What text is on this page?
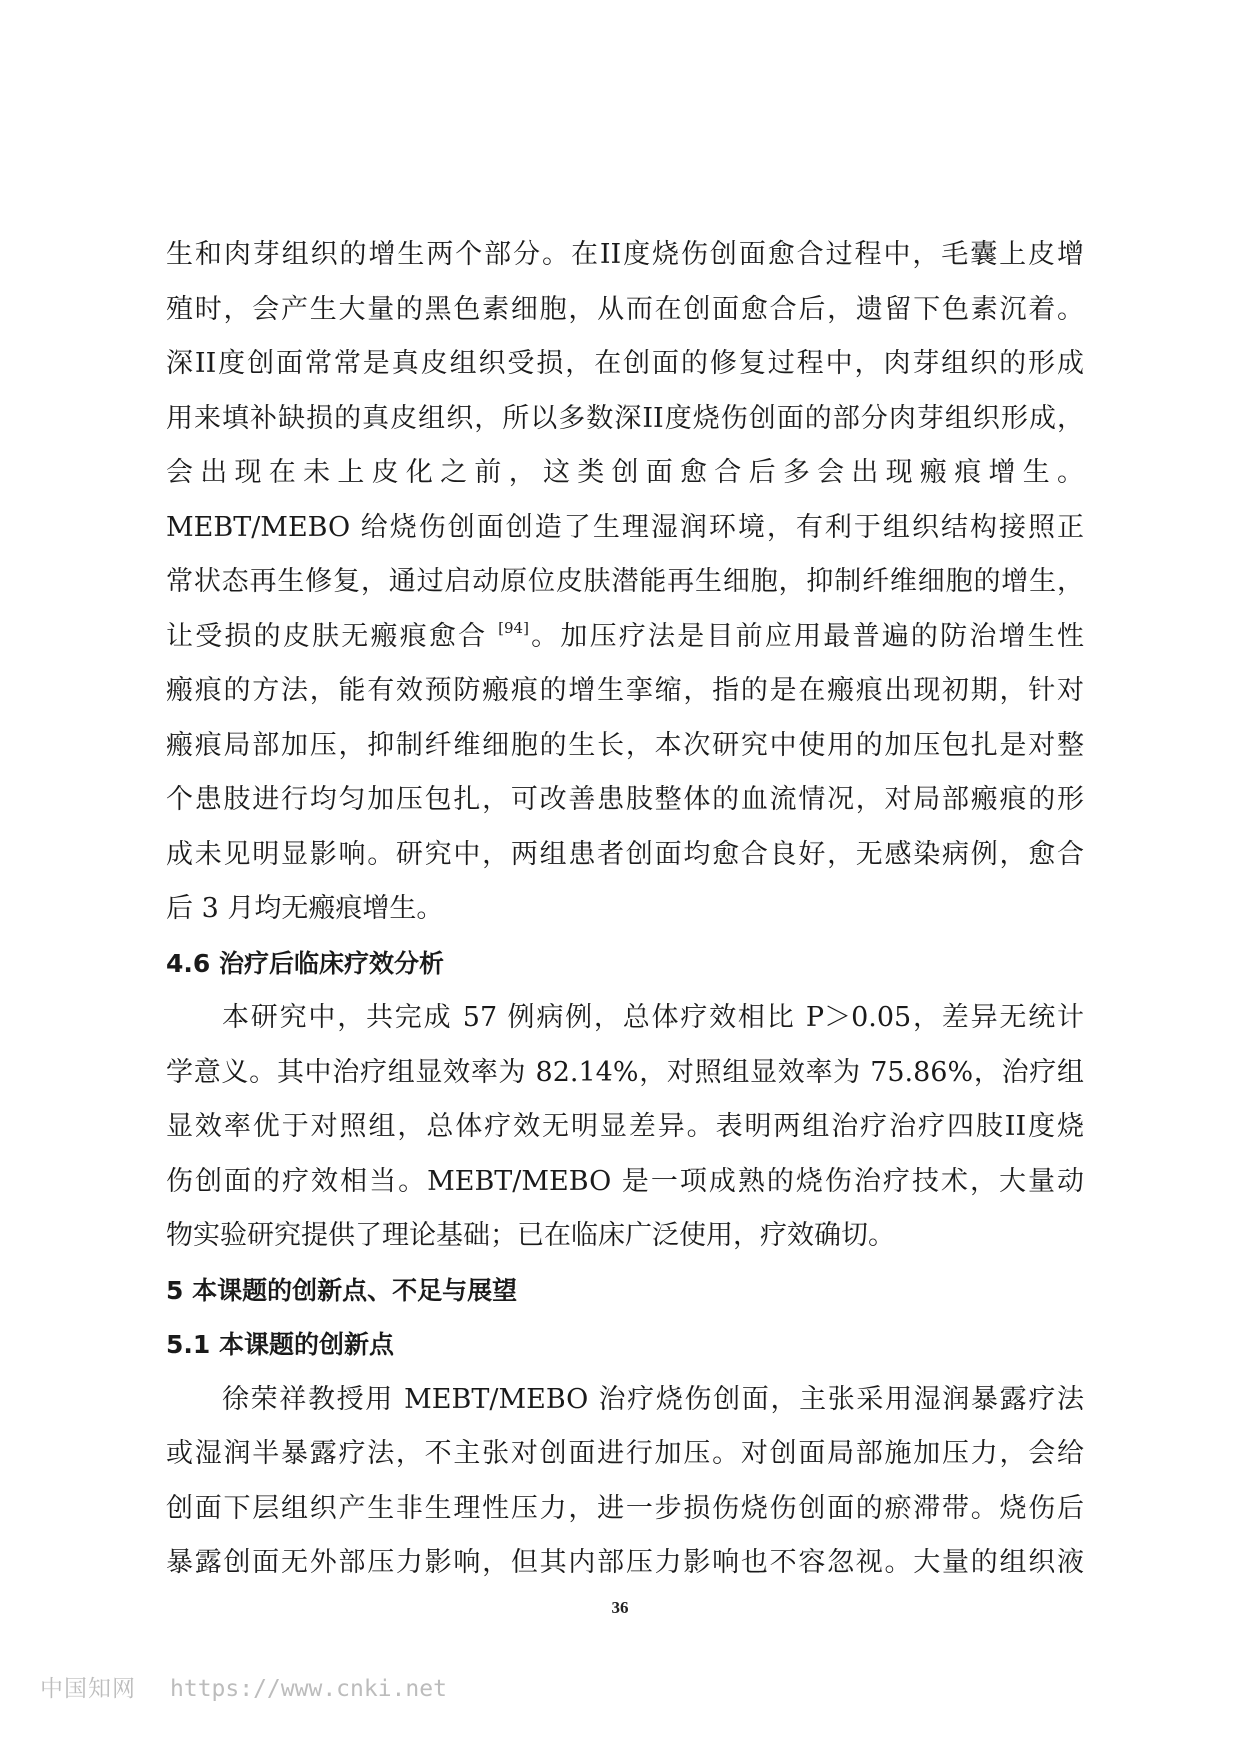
生和肉芽组织的增生两个部分。在II度烧伤创面愈合过程中，毛囊上皮增
殖时，会产生大量的黑色素细胞，从而在创面愈合后，遗留下色素沉着。
深II度创面常常是真皮组织受损，在创面的修复过程中，肉芽组织的形成
用来填补缺损的真皮组织，所以多数深II度烧伤创面的部分肉芽组织形成，
会出现在未上皮化之前，这类创面愈合后多会出现瘢痕增生。
MEBT/MEBO 给烧伤创面创造了生理湿润环境，有利于组织结构接照正
常状态再生修复，通过启动原位皮肤潜能再生细胞，抑制纤维细胞的增生，
让受损的皮肤无瘢痕愈合 [94]。加压疗法是目前应用最普遍的防治增生性
瘢痕的方法，能有效预防瘢痕的增生挛缩，指的是在瘢痕出现初期，针对
瘢痕局部加压，抑制纤维细胞的生长，本次研究中使用的加压包扎是对整
个患肢进行均匀加压包扎，可改善患肢整体的血流情况，对局部瘢痕的形
成未见明显影响。研究中，两组患者创面均愈合良好，无感染病例，愈合
后 3 月均无瘢痕增生。
4.6 治疗后临床疗效分析
本研究中，共完成 57 例病例，总体疗效相比 P＞0.05，差异无统计
学意义。其中治疗组显效率为 82.14%，对照组显效率为 75.86%，治疗组
显效率优于对照组，总体疗效无明显差异。表明两组治疗治疗四肢II度烧
伤创面的疗效相当。MEBT/MEBO 是一项成熟的烧伤治疗技术，大量动
物实验研究提供了理论基础；已在临床广泛使用，疗效确切。
5 本课题的创新点、不足与展望
5.1 本课题的创新点
徐荣祥教授用 MEBT/MEBO 治疗烧伤创面，主张采用湿润暴露疗法
或湿润半暴露疗法，不主张对创面进行加压。对创面局部施加压力，会给
创面下层组织产生非生理性压力，进一步损伤烧伤创面的瘀滞带。烧伤后
暴露创面无外部压力影响，但其内部压力影响也不容忽视。大量的组织液
36
中国知网 https://www.cnki.net
